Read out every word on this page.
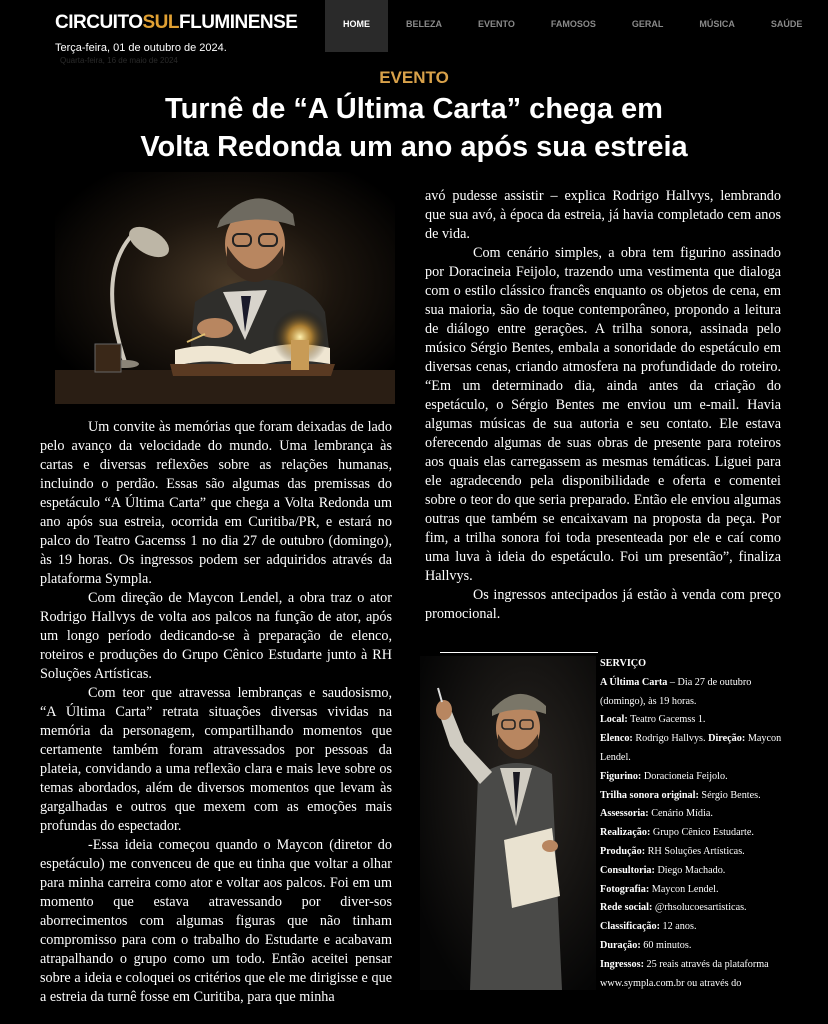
CIRCUITOSULFLUMINENSE
Terça-feira, 01 de outubro de 2024.
Quarta-feira, 16 de maio de 2024
HOME	BELEZA	EVENTO	FAMOSOS	GERAL	MÚSICA	SAÚDE
EVENTO
Turnê de “A Última Carta” chega em
Volta Redonda um ano após sua estreia

Um convite às memórias que foram deixadas de lado pelo avanço da velocidade do mundo. Uma lembrança às cartas e diversas reflexões sobre as relações humanas, incluindo o perdão. Essas são algumas das premissas do espetáculo “A Última Carta” que chega a Volta Redonda um ano após sua estreia, ocorrida em Curitiba/PR, e estará no palco do Teatro Gacemss 1 no dia 27 de outubro (domingo), às 19 horas. Os ingressos podem ser adquiridos através da plataforma Sympla.

Com direção de Maycon Lendel, a obra traz o ator Rodrigo Hallvys de volta aos palcos na função de ator, após um longo período dedicando-se à preparação de elenco, roteiros e produções do Grupo Cênico Estudarte junto à RH Soluções Artísticas.

Com teor que atravessa lembranças e saudosismo, “A Última Carta” retrata situações diversas vividas na memória da personagem, compartilhando momentos que certamente também foram atravessados por pessoas da plateia, convidando a uma reflexão clara e mais leve sobre os temas abordados, além de diversos momentos que levam às gargalhadas e outros que mexem com as emoções mais profundas do espectador.

-Essa ideia começou quando o Maycon (diretor do espetáculo) me convenceu de que eu tinha que voltar a olhar para minha carreira como ator e voltar aos palcos. Foi em um momento que estava atravessando por diver-sos aborrecimentos com algumas figuras que não tinham compromisso para com o trabalho do Estudarte e acabavam atrapalhando o grupo como um todo. Então aceitei pensar sobre a ideia e coloquei os critérios que ele me dirigisse e que a estreia da turnê fosse em Curitiba, para que minha

avó pudesse assistir – explica Rodrigo Hallvys, lembrando que sua avó, à época da estreia, já havia completado cem anos de vida.

Com cenário simples, a obra tem figurino assinado por Doracineia Feijolo, trazendo uma vestimenta que dialoga com o estilo clássico francês enquanto os objetos de cena, em sua maioria, são de toque contemporâneo, propondo a leitura de diálogo entre gerações. A trilha sonora, assinada pelo músico Sérgio Bentes, embala a sonoridade do espetáculo em diversas cenas, criando atmosfera na profundidade do roteiro. “Em um determinado dia, ainda antes da criação do espetáculo, o Sérgio Bentes me enviou um e-mail. Havia algumas músicas de sua autoria e seu contato. Ele estava oferecendo algumas de suas obras de presente para roteiros aos quais elas carregassem as mesmas temáticas. Liguei para ele agradecendo pela disponibilidade e oferta e comentei sobre o teor do que seria preparado. Então ele enviou algumas outras que também se encaixavam na proposta da peça. Por fim, a trilha sonora foi toda presenteada por ele e caí como uma luva à ideia do espetáculo. Foi um presentão”, finaliza Hallvys.

Os ingressos antecipados já estão à venda com preço promocional.

SERVIÇO
A Última Carta – Dia 27 de outubro (domingo), às 19 horas.
Local: Teatro Gacemss 1.
Elenco: Rodrigo Hallvys. Direção: Maycon Lendel.
Figurino: Doracioneia Feijolo.
Trilha sonora original: Sérgio Bentes.
Assessoria: Cenário Mídia.
Realização: Grupo Cênico Estudarte.
Produção: RH Soluções Artísticas.
Consultoria: Diego Machado.
Fotografia: Maycon Lendel.
Rede social: @rhsolucoesartisticas.
Classificação: 12 anos.
Duração: 60 minutos.
Ingressos: 25 reais através da plataforma www.sympla.com.br ou através do
